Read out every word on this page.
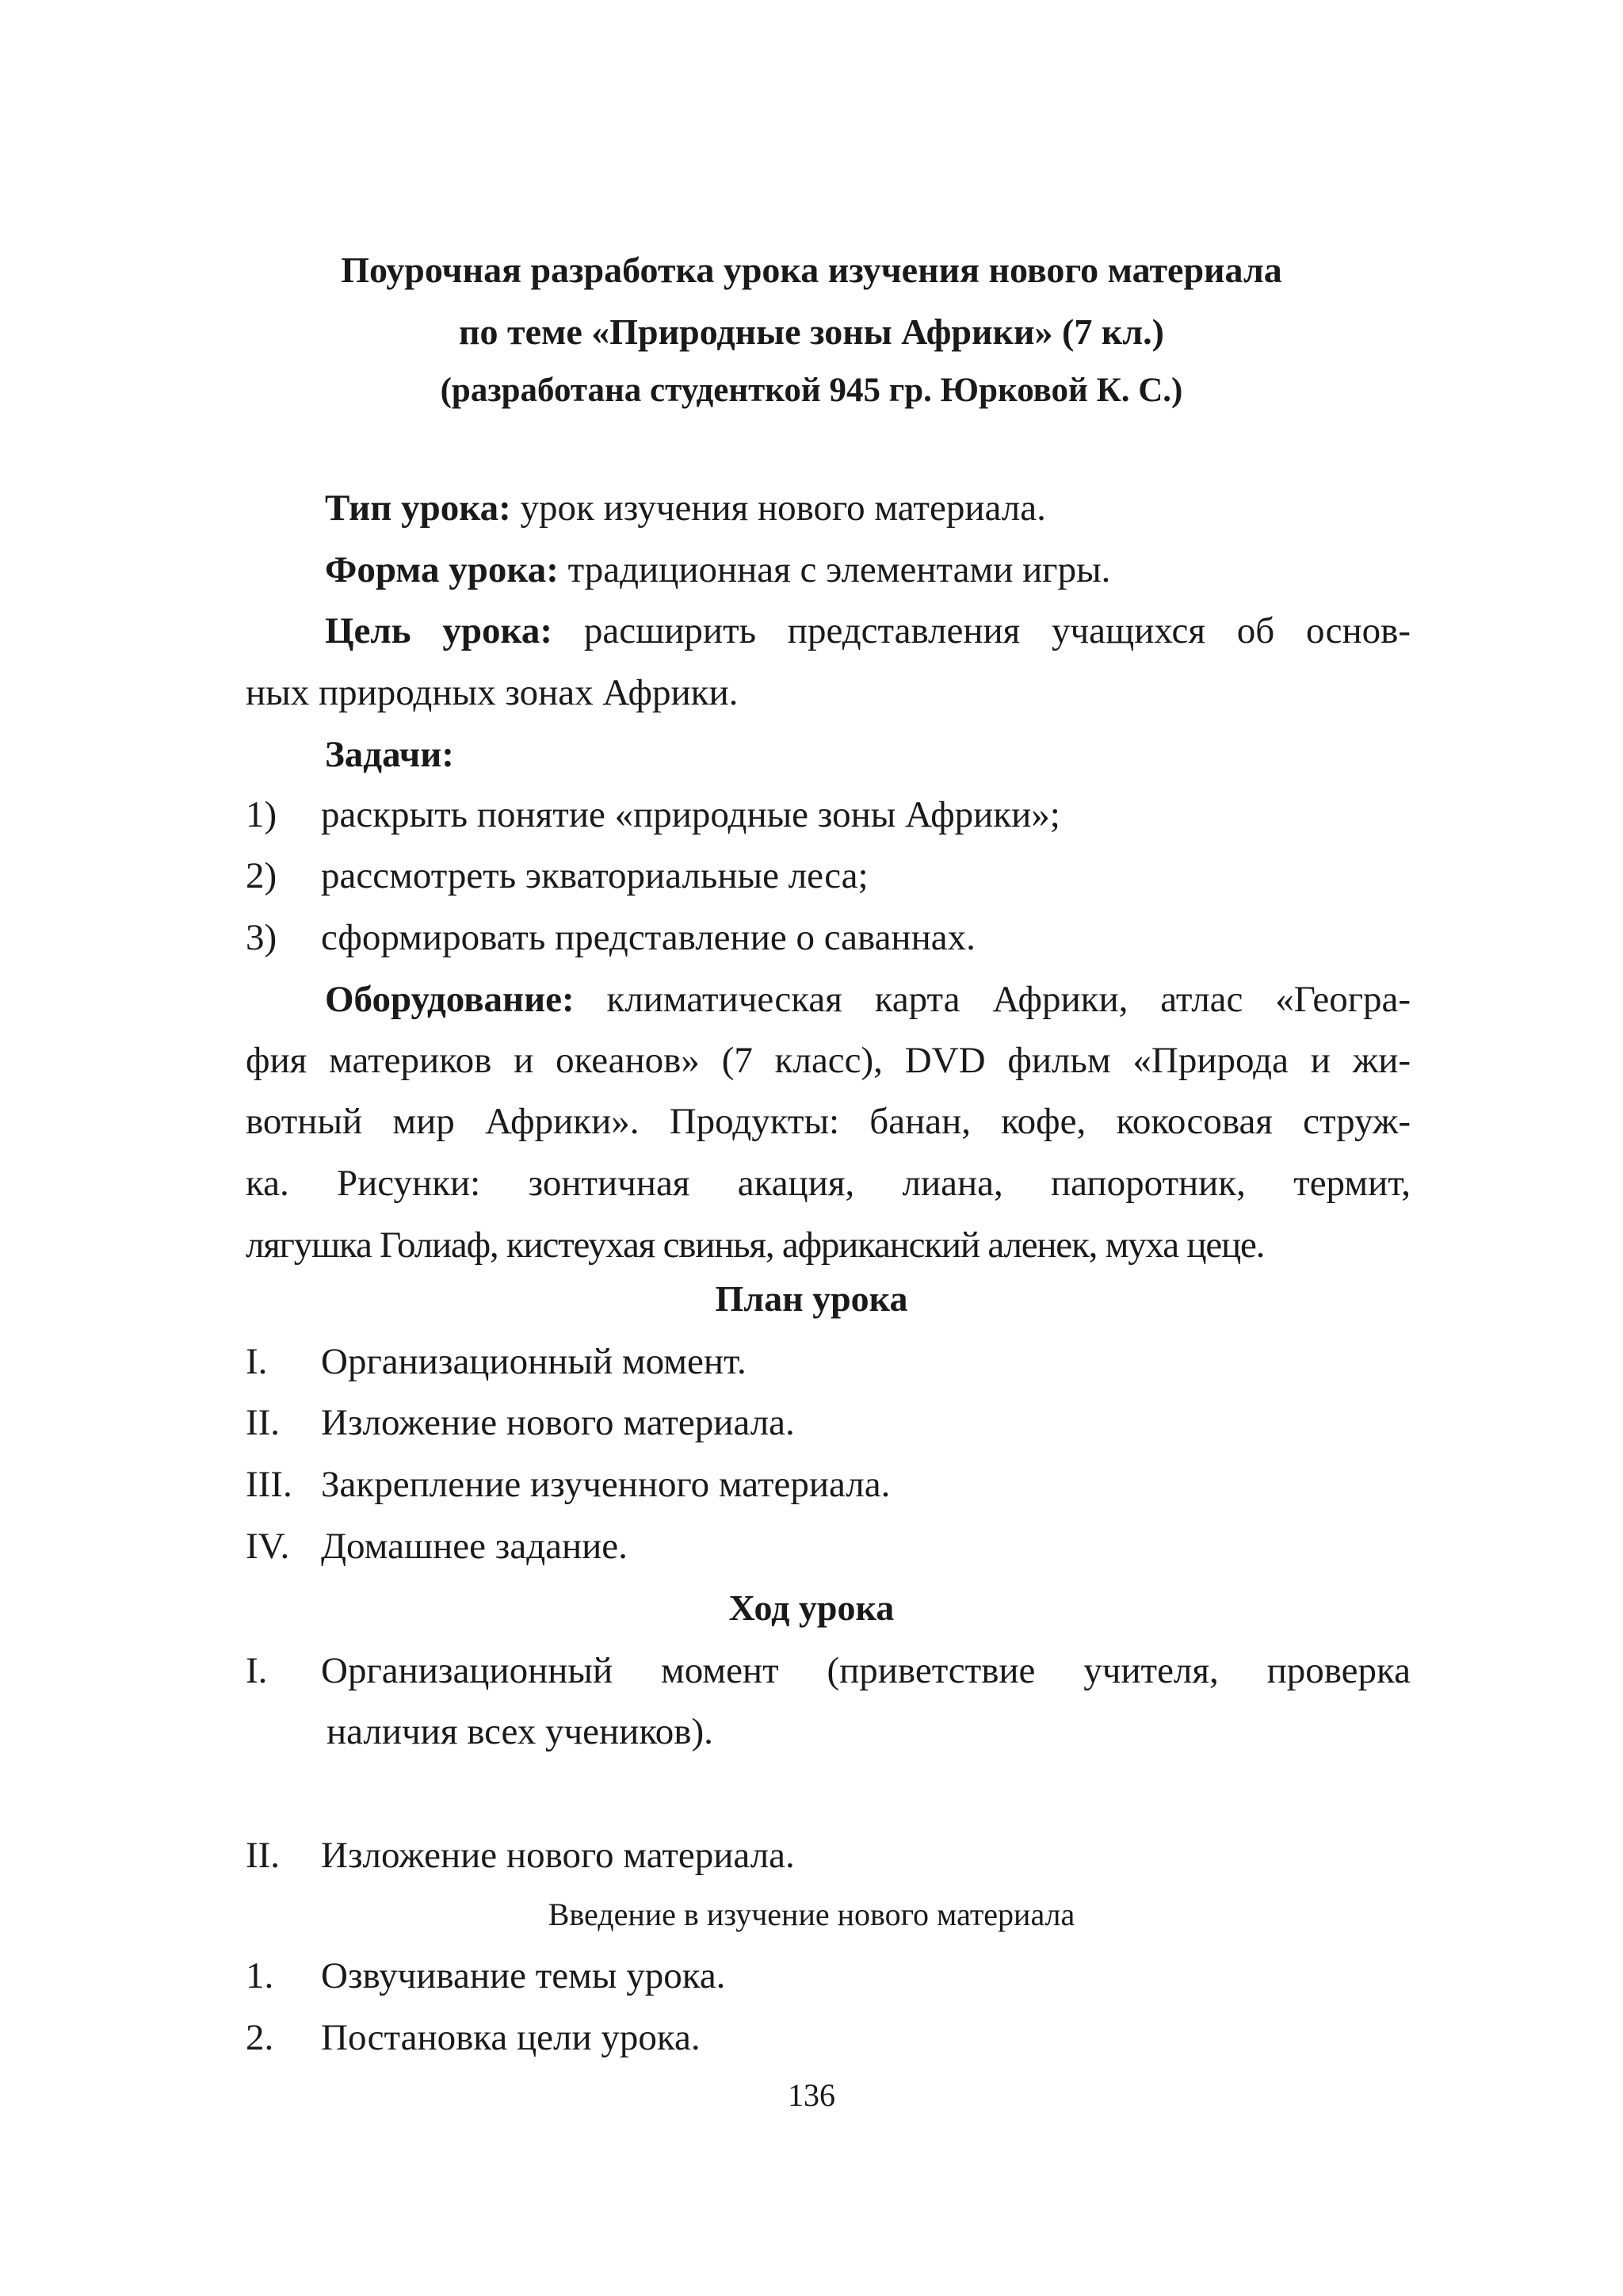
Поурочная разработка урока изучения нового материала
по теме «Природные зоны Африки» (7 кл.)
(разработана студенткой 945 гр. Юрковой К. С.)
Тип урока: урок изучения нового материала.
Форма урока: традиционная с элементами игры.
Цель урока: расширить представления учащихся об основ-
ных природных зонах Африки.
Задачи:
1) раскрыть понятие «природные зоны Африки»;
2) рассмотреть экваториальные леса;
3) сформировать представление о саваннах.
Оборудование: климатическая карта Африки, атлас «Геогра-
фия материков и океанов» (7 класс), DVD фильм «Природа и жи-
вотный мир Африки». Продукты: банан, кофе, кокосовая струж-
ка. Рисунки: зонтичная акация, лиана, папоротник, термит,
лягушка Голиаф, кистеухая свинья, африканский аленек, муха цеце.
План урока
I. Организационный момент.
II. Изложение нового материала.
III. Закрепление изученного материала.
IV. Домашнее задание.
Ход урока
I. Организационный момент (приветствие учителя, проверка
наличия всех учеников).
II. Изложение нового материала.
Введение в изучение нового материала
1. Озвучивание темы урока.
2. Постановка цели урока.
136
